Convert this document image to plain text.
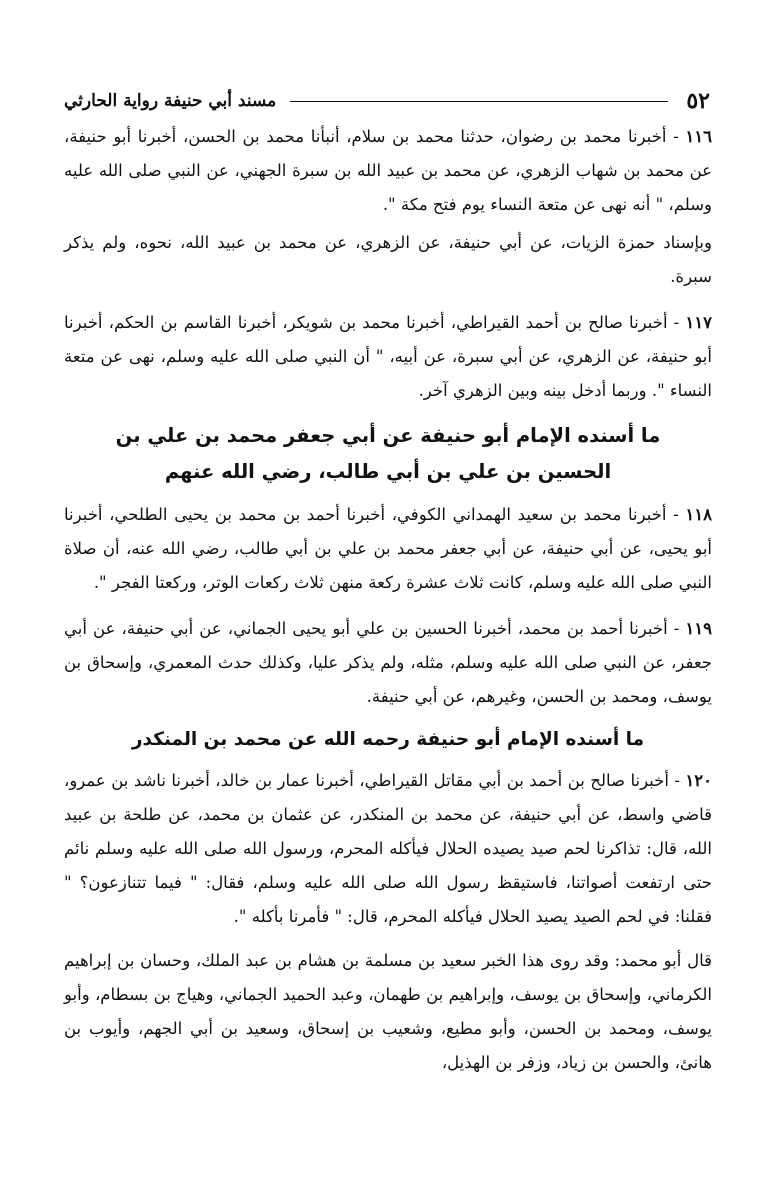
٥٢
مسند أبي حنيفة رواية الحارثي

١١٦ - أخبرنا محمد بن رضوان، حدثنا محمد بن سلام، أنبأنا محمد بن الحسن، أخبرنا أبو حنيفة، عن محمد بن شهاب الزهري، عن محمد بن عبيد الله بن سبرة الجهني، عن النبي صلى الله عليه وسلم، " أنه نهى عن متعة النساء يوم فتح مكة ".

وبإسناد حمزة الزيات، عن أبي حنيفة، عن الزهري، عن محمد بن عبيد الله، نحوه، ولم يذكر سبرة.

١١٧ - أخبرنا صالح بن أحمد القيراطي، أخبرنا محمد بن شويكر، أخبرنا القاسم بن الحكم، أخبرنا أبو حنيفة، عن الزهري، عن أبي سبرة، عن أبيه، " أن النبي صلى الله عليه وسلم، نهى عن متعة النساء ". وربما أدخل بينه وبين الزهري آخر.

ما أسنده الإمام أبو حنيفة عن أبي جعفر محمد بن علي بن
الحسين بن علي بن أبي طالب، رضي الله عنهم

١١٨ - أخبرنا محمد بن سعيد الهمداني الكوفي، أخبرنا أحمد بن محمد بن يحيى الطلحي، أخبرنا أبو يحيى، عن أبي حنيفة، عن أبي جعفر محمد بن علي بن أبي طالب، رضي الله عنه، أن صلاة النبي صلى الله عليه وسلم، كانت ثلاث عشرة ركعة منهن ثلاث ركعات الوتر، وركعتا الفجر ".

١١٩ - أخبرنا أحمد بن محمد، أخبرنا الحسين بن علي أبو يحيى الجماني، عن أبي حنيفة، عن أبي جعفر، عن النبي صلى الله عليه وسلم، مثله، ولم يذكر عليا، وكذلك حدث المعمري، وإسحاق بن يوسف، ومحمد بن الحسن، وغيرهم، عن أبي حنيفة.

ما أسنده الإمام أبو حنيفة رحمه الله عن محمد بن المنكدر

١٢٠ - أخبرنا صالح بن أحمد بن أبي مقاتل القيراطي، أخبرنا عمار بن خالد، أخبرنا ناشد بن عمرو، قاضي واسط، عن أبي حنيفة، عن محمد بن المنكدر، عن عثمان بن محمد، عن طلحة بن عبيد الله، قال: تذاكرنا لحم صيد يصيده الحلال فيأكله المحرم، ورسول الله صلى الله عليه وسلم نائم حتى ارتفعت أصواتنا، فاستيقظ رسول الله صلى الله عليه وسلم، فقال: " فيما تتنازعون؟ " فقلنا: في لحم الصيد يصيد الحلال فيأكله المحرم، قال: " فأمرنا بأكله ".

قال أبو محمد: وقد روى هذا الخبر سعيد بن مسلمة بن هشام بن عبد الملك، وحسان بن إبراهيم الكرماني، وإسحاق بن يوسف، وإبراهيم بن طهمان، وعبد الحميد الجماني، وهياج بن بسطام، وأبو يوسف، ومحمد بن الحسن، وأبو مطيع، وشعيب بن إسحاق، وسعيد بن أبي الجهم، وأيوب بن هانئ، والحسن بن زياد، وزفر بن الهذيل،
